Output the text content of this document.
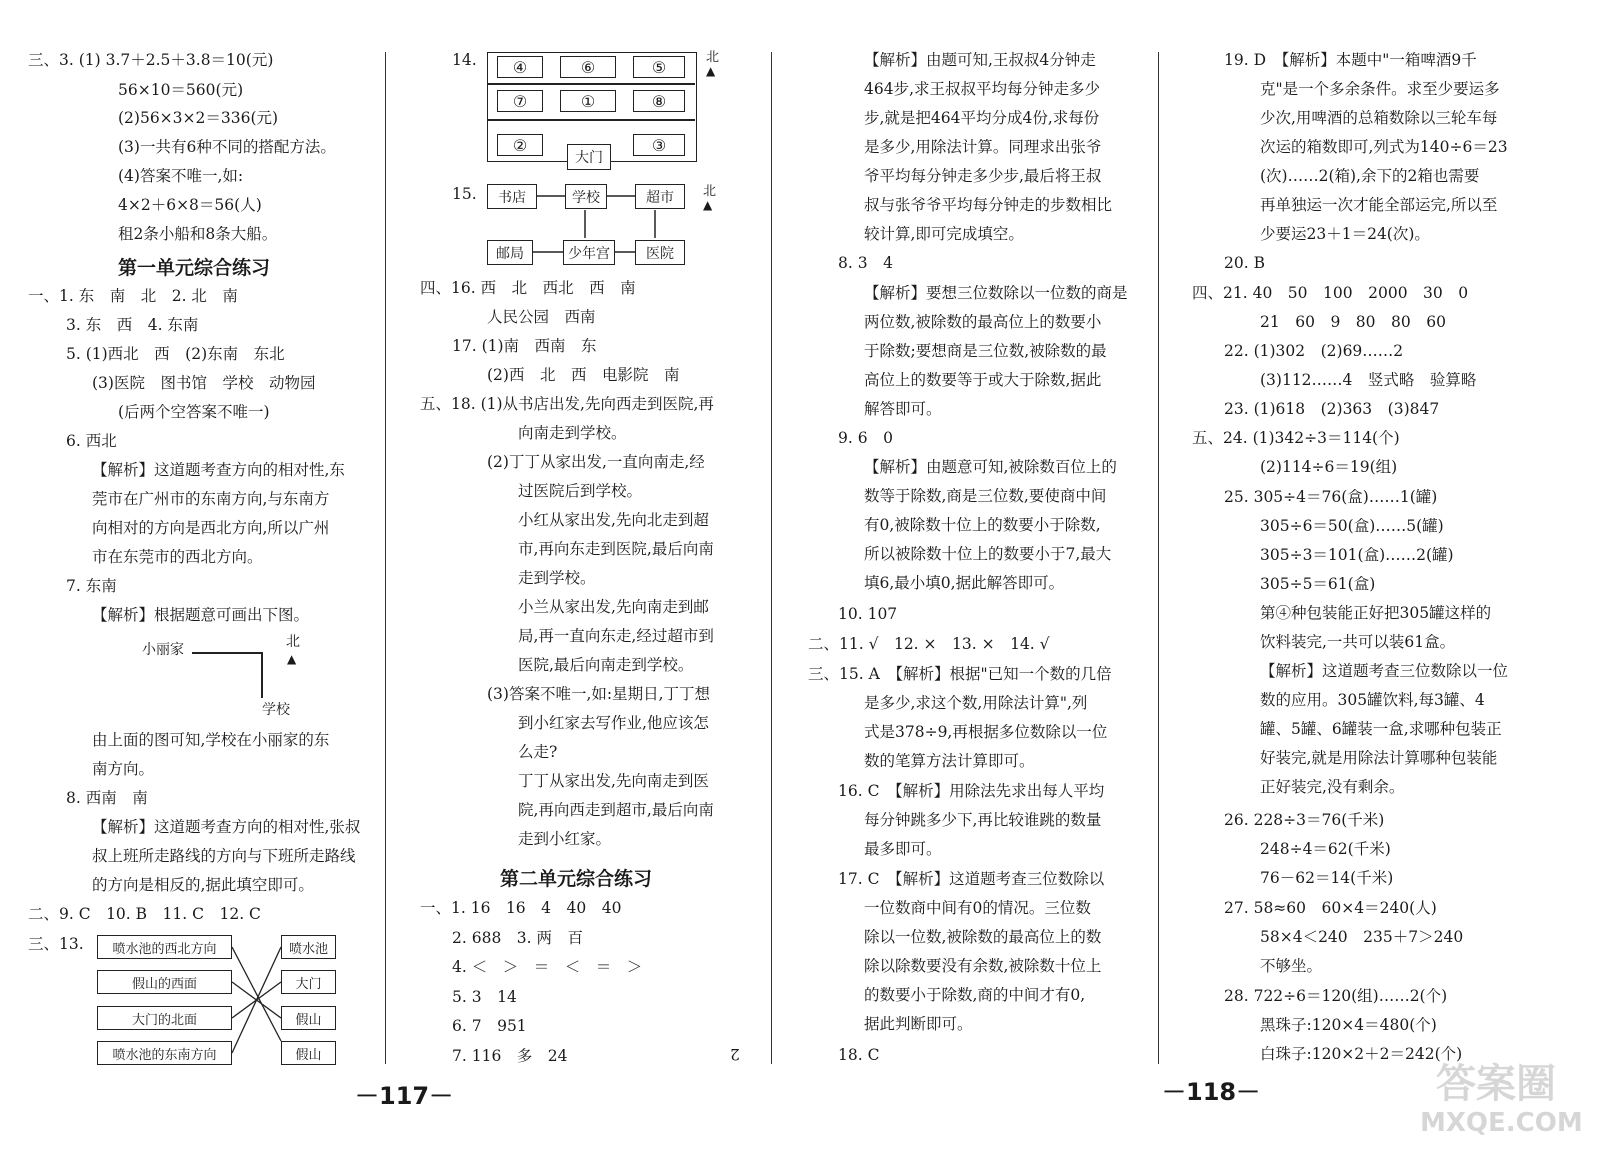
三、3. (1) 3.7＋2.5＋3.8＝10(元)
56×10＝560(元)
(2)56×3×2＝336(元)
(3)一共有6种不同的搭配方法。
(4)答案不唯一,如:
4×2＋6×8＝56(人)
租2条小船和8条大船。
第一单元综合练习
一、1. 东　南　北　2. 北　南
3. 东　西　4. 东南
5. (1)西北　西　(2)东南　东北
(3)医院　图书馆　学校　动物园
(后两个空答案不唯一)
6. 西北
【解析】这道题考查方向的相对性,东
莞市在广州市的东南方向,与东南方
向相对的方向是西北方向,所以广州
市在东莞市的西北方向。
7. 东南
【解析】根据题意可画出下图。
小丽家	北
▲
学校
由上面的图可知,学校在小丽家的东
南方向。
8. 西南　南
【解析】这道题考查方向的相对性,张叔
叔上班所走路线的方向与下班所走路线
的方向是相反的,据此填空即可。
二、9. C　10. B　11. C　12. C
三、13.	喷水池的西北方向
假山的西面
大门的北面
喷水池的东南方向
喷水池
大门
假山
假山
14.	④	⑥	⑤
⑦	①	⑧
②
大门
③
北
▲
15.	书店	学校	超市
邮局	少年宫	医院
北
▲
四、16. 西　北　西北　西　南
人民公园　西南
17. (1)南　西南　东
(2)西　北　西　电影院　南
五、18. (1)从书店出发,先向西走到医院,再
向南走到学校。
(2)丁丁从家出发,一直向南走,经
过医院后到学校。
小红从家出发,先向北走到超
市,再向东走到医院,最后向南
走到学校。
小兰从家出发,先向南走到邮
局,再一直向东走,经过超市到
医院,最后向南走到学校。
(3)答案不唯一,如:星期日,丁丁想
到小红家去写作业,他应该怎
么走?
丁丁从家出发,先向南走到医
院,再向西走到超市,最后向南
走到小红家。
第二单元综合练习
一、1. 16　16　4　40　40
2. 688　3. 两　百
4. ＜　＞　＝　＜　＝　＞
5. 3　14
6. 7　951
7. 116　多　24	2
－117－
【解析】由题可知,王叔叔4分钟走
464步,求王叔叔平均每分钟走多少
步,就是把464平均分成4份,求每份
是多少,用除法计算。同理求出张爷
爷平均每分钟走多少步,最后将王叔
叔与张爷爷平均每分钟走的步数相比
较计算,即可完成填空。
8. 3　4
【解析】要想三位数除以一位数的商是
两位数,被除数的最高位上的数要小
于除数;要想商是三位数,被除数的最
高位上的数要等于或大于除数,据此
解答即可。
9. 6　0
【解析】由题意可知,被除数百位上的
数等于除数,商是三位数,要使商中间
有0,被除数十位上的数要小于除数,
所以被除数十位上的数要小于7,最大
填6,最小填0,据此解答即可。
10. 107
二、11. √　12. ×　13. ×　14. √
三、15. A　【解析】根据"已知一个数的几倍
是多少,求这个数,用除法计算",列
式是378÷9,再根据多位数除以一位
数的笔算方法计算即可。
16. C　【解析】用除法先求出每人平均
每分钟跳多少下,再比较谁跳的数量
最多即可。
17. C　【解析】这道题考查三位数除以
一位数商中间有0的情况。三位数
除以一位数,被除数的最高位上的数
除以除数要没有余数,被除数十位上
的数要小于除数,商的中间才有0,
据此判断即可。
18. C
19. D　【解析】本题中"一箱啤酒9千
克"是一个多余条件。求至少要运多
少次,用啤酒的总箱数除以三轮车每
次运的箱数即可,列式为140÷6＝23
(次)……2(箱),余下的2箱也需要
再单独运一次才能全部运完,所以至
少要运23＋1＝24(次)。
20. B
四、21. 40　50　100　2000　30　0
21　60　9　80　80　60
22. (1)302　(2)69……2
(3)112……4　竖式略　验算略
23. (1)618　(2)363　(3)847
五、24. (1)342÷3＝114(个)
(2)114÷6＝19(组)
25. 305÷4＝76(盒)……1(罐)
305÷6＝50(盒)……5(罐)
305÷3＝101(盒)……2(罐)
305÷5＝61(盒)
第④种包装能正好把305罐这样的
饮料装完,一共可以装61盒。
【解析】这道题考查三位数除以一位
数的应用。305罐饮料,每3罐、4
罐、5罐、6罐装一盒,求哪种包装正
好装完,就是用除法计算哪种包装能
正好装完,没有剩余。
26. 228÷3＝76(千米)
248÷4＝62(千米)
76－62＝14(千米)
27. 58≈60　60×4＝240(人)
58×4＜240　235＋7＞240
不够坐。
28. 722÷6＝120(组)……2(个)
黑珠子:120×4＝480(个)
白珠子:120×2＋2＝242(个)
－118－	答案圈
MXQE.COM
